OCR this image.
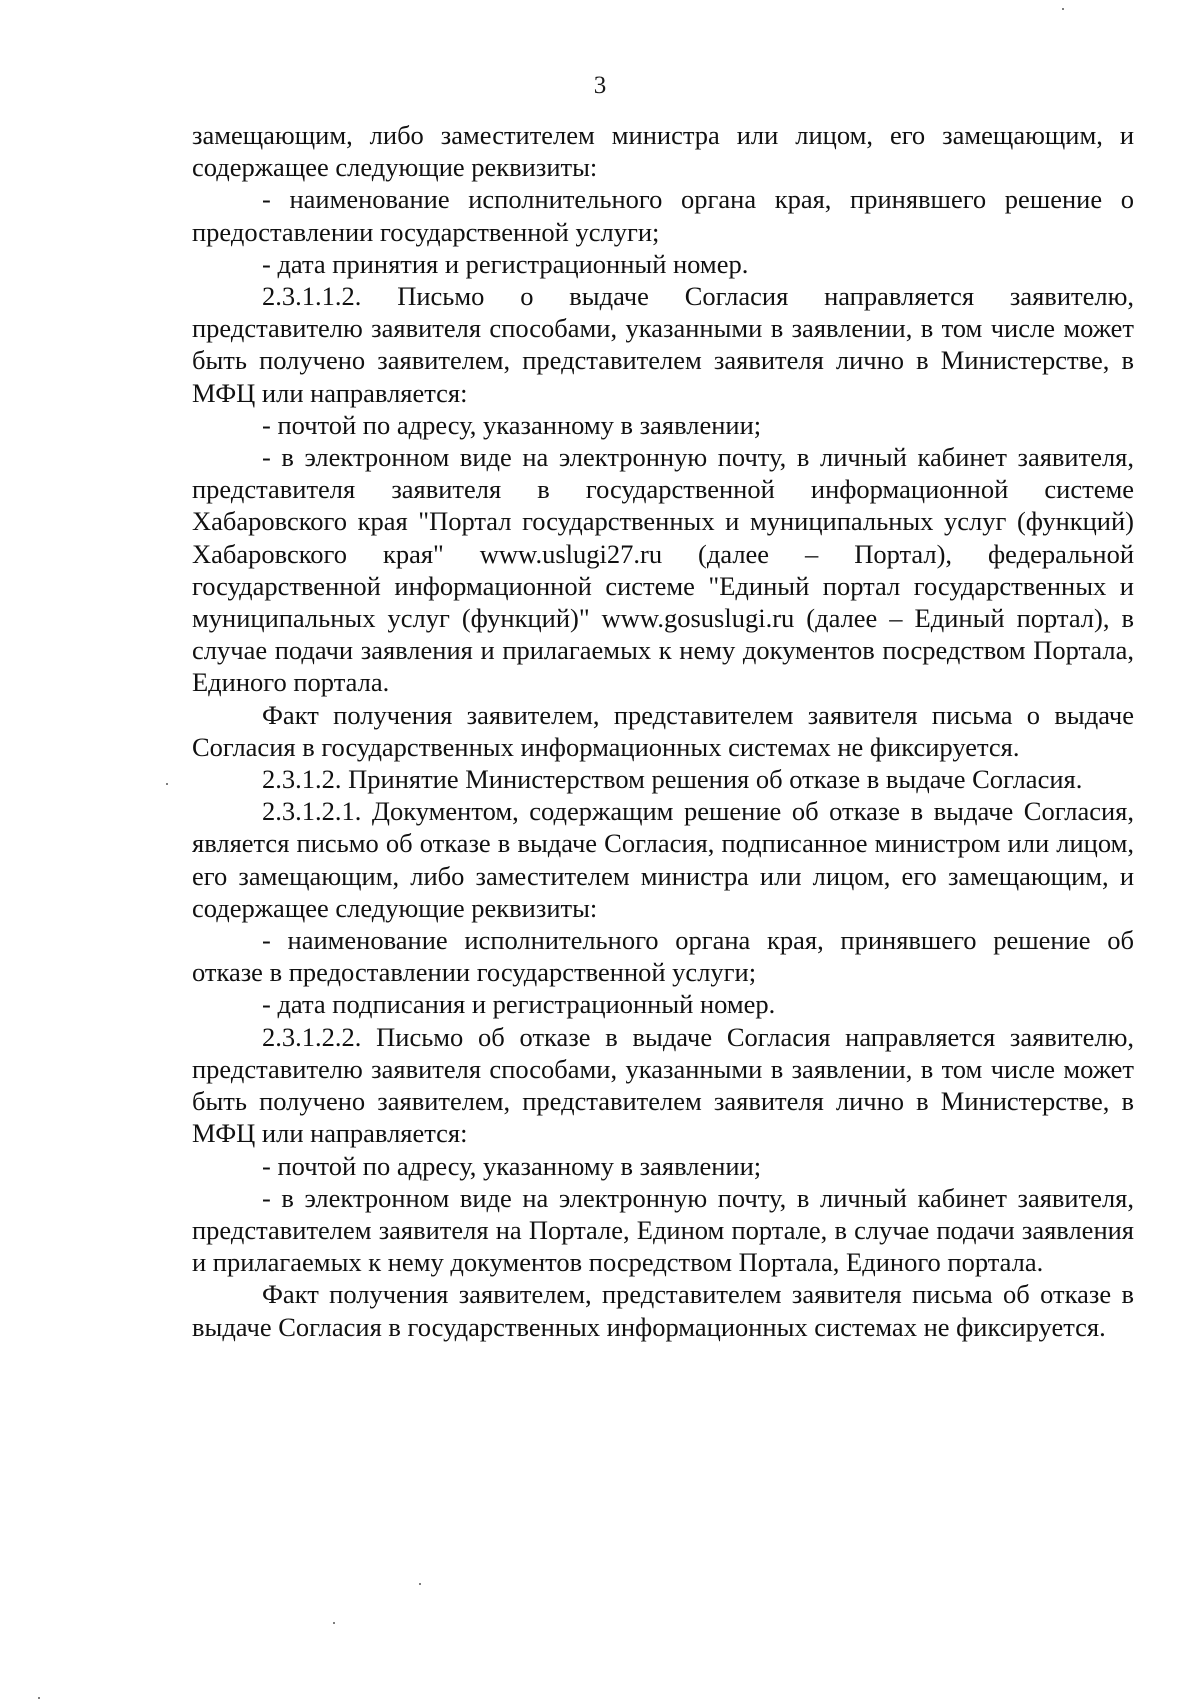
3

замещающим, либо заместителем министра или лицом, его замещающим, и содержащее следующие реквизиты:

- наименование исполнительного органа края, принявшего решение о предоставлении государственной услуги;

- дата принятия и регистрационный номер.

2.3.1.1.2. Письмо о выдаче Согласия направляется заявителю, представителю заявителя способами, указанными в заявлении, в том числе может быть получено заявителем, представителем заявителя лично в Министерстве, в МФЦ или направляется:

- почтой по адресу, указанному в заявлении;

- в электронном виде на электронную почту, в личный кабинет заявителя, представителя заявителя в государственной информационной системе Хабаровского края "Портал государственных и муниципальных услуг (функций) Хабаровского края" www.uslugi27.ru (далее – Портал), федеральной государственной информационной системе "Единый портал государственных и муниципальных услуг (функций)" www.gosuslugi.ru (далее – Единый портал), в случае подачи заявления и прилагаемых к нему документов посредством Портала, Единого портала.

Факт получения заявителем, представителем заявителя письма о выдаче Согласия в государственных информационных системах не фиксируется.

2.3.1.2. Принятие Министерством решения об отказе в выдаче Согласия.

2.3.1.2.1. Документом, содержащим решение об отказе в выдаче Согласия, является письмо об отказе в выдаче Согласия, подписанное министром или лицом, его замещающим, либо заместителем министра или лицом, его замещающим, и содержащее следующие реквизиты:

- наименование исполнительного органа края, принявшего решение об отказе в предоставлении государственной услуги;

- дата подписания и регистрационный номер.

2.3.1.2.2. Письмо об отказе в выдаче Согласия направляется заявителю, представителю заявителя способами, указанными в заявлении, в том числе может быть получено заявителем, представителем заявителя лично в Министерстве, в МФЦ или направляется:

- почтой по адресу, указанному в заявлении;

- в электронном виде на электронную почту, в личный кабинет заявителя, представителем заявителя на Портале, Едином портале, в случае подачи заявления и прилагаемых к нему документов посредством Портала, Единого портала.

Факт получения заявителем, представителем заявителя письма об отказе в выдаче Согласия в государственных информационных системах не фиксируется.
